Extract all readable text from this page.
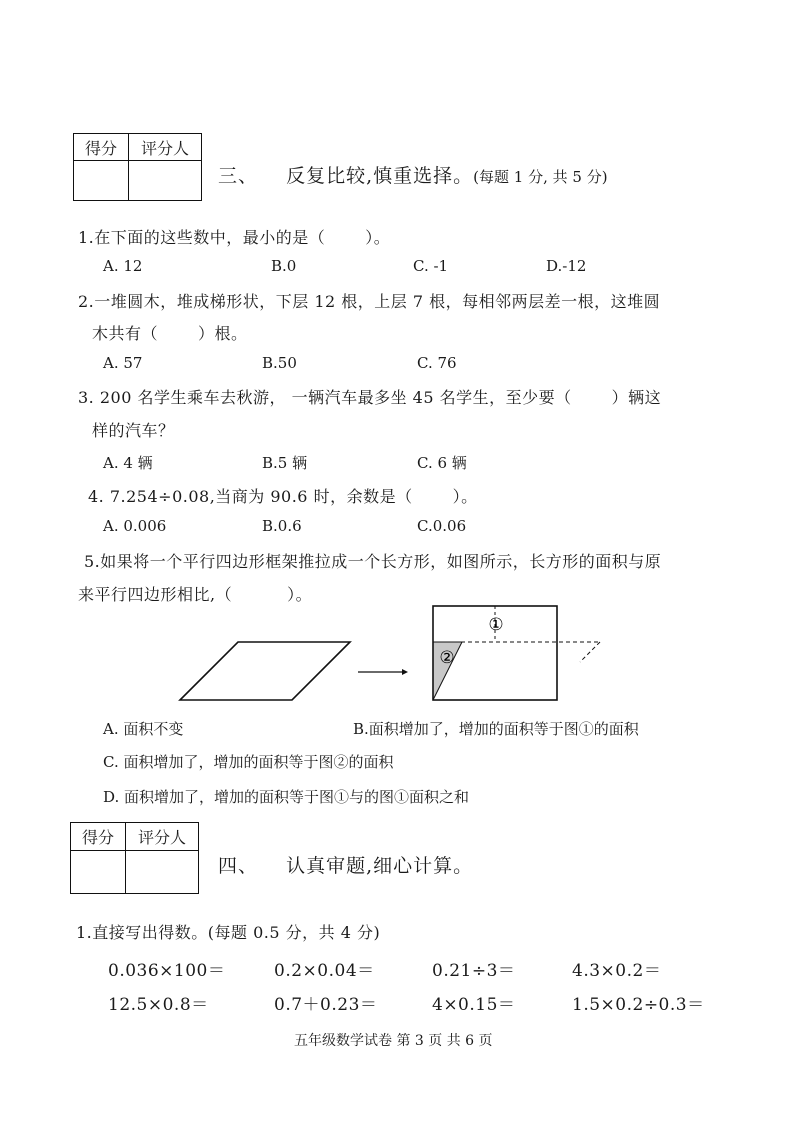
得分	评分人

三、 反复比较,慎重选择。(每题 1 分, 共 5 分)
1.在下面的这些数中，最小的是（	）。
A. 12	B.0	C. -1	D.-12
2.一堆圆木，堆成梯形状，下层 12 根，上层 7 根，每相邻两层差一根，这堆圆
木共有（	）根。
A. 57	B.50	C. 76
3. 200 名学生乘车去秋游， 一辆汽车最多坐 45 名学生，至少要（	）辆这
样的汽车？
A. 4 辆	B.5 辆	C. 6 辆
4. 7.254÷0.08,当商为 90.6 时，余数是（	）。
A. 0.006	B.0.6	C.0.06
5.如果将一个平行四边形框架推拉成一个长方形，如图所示，长方形的面积与原
来平行四边形相比,（	）。
①
②
A. 面积不变	B.面积增加了，增加的面积等于图①的面积
C. 面积增加了，增加的面积等于图②的面积
D. 面积增加了，增加的面积等于图①与的图①面积之和
得分	评分人

四、 认真审题,细心计算。
1.直接写出得数。(每题 0.5 分，共 4 分)
0.036×100＝	0.2×0.04＝	0.21÷3＝	4.3×0.2＝
12.5×0.8＝	0.7＋0.23＝	4×0.15＝	1.5×0.2÷0.3＝
五年级数学试卷 第 3 页 共 6 页
